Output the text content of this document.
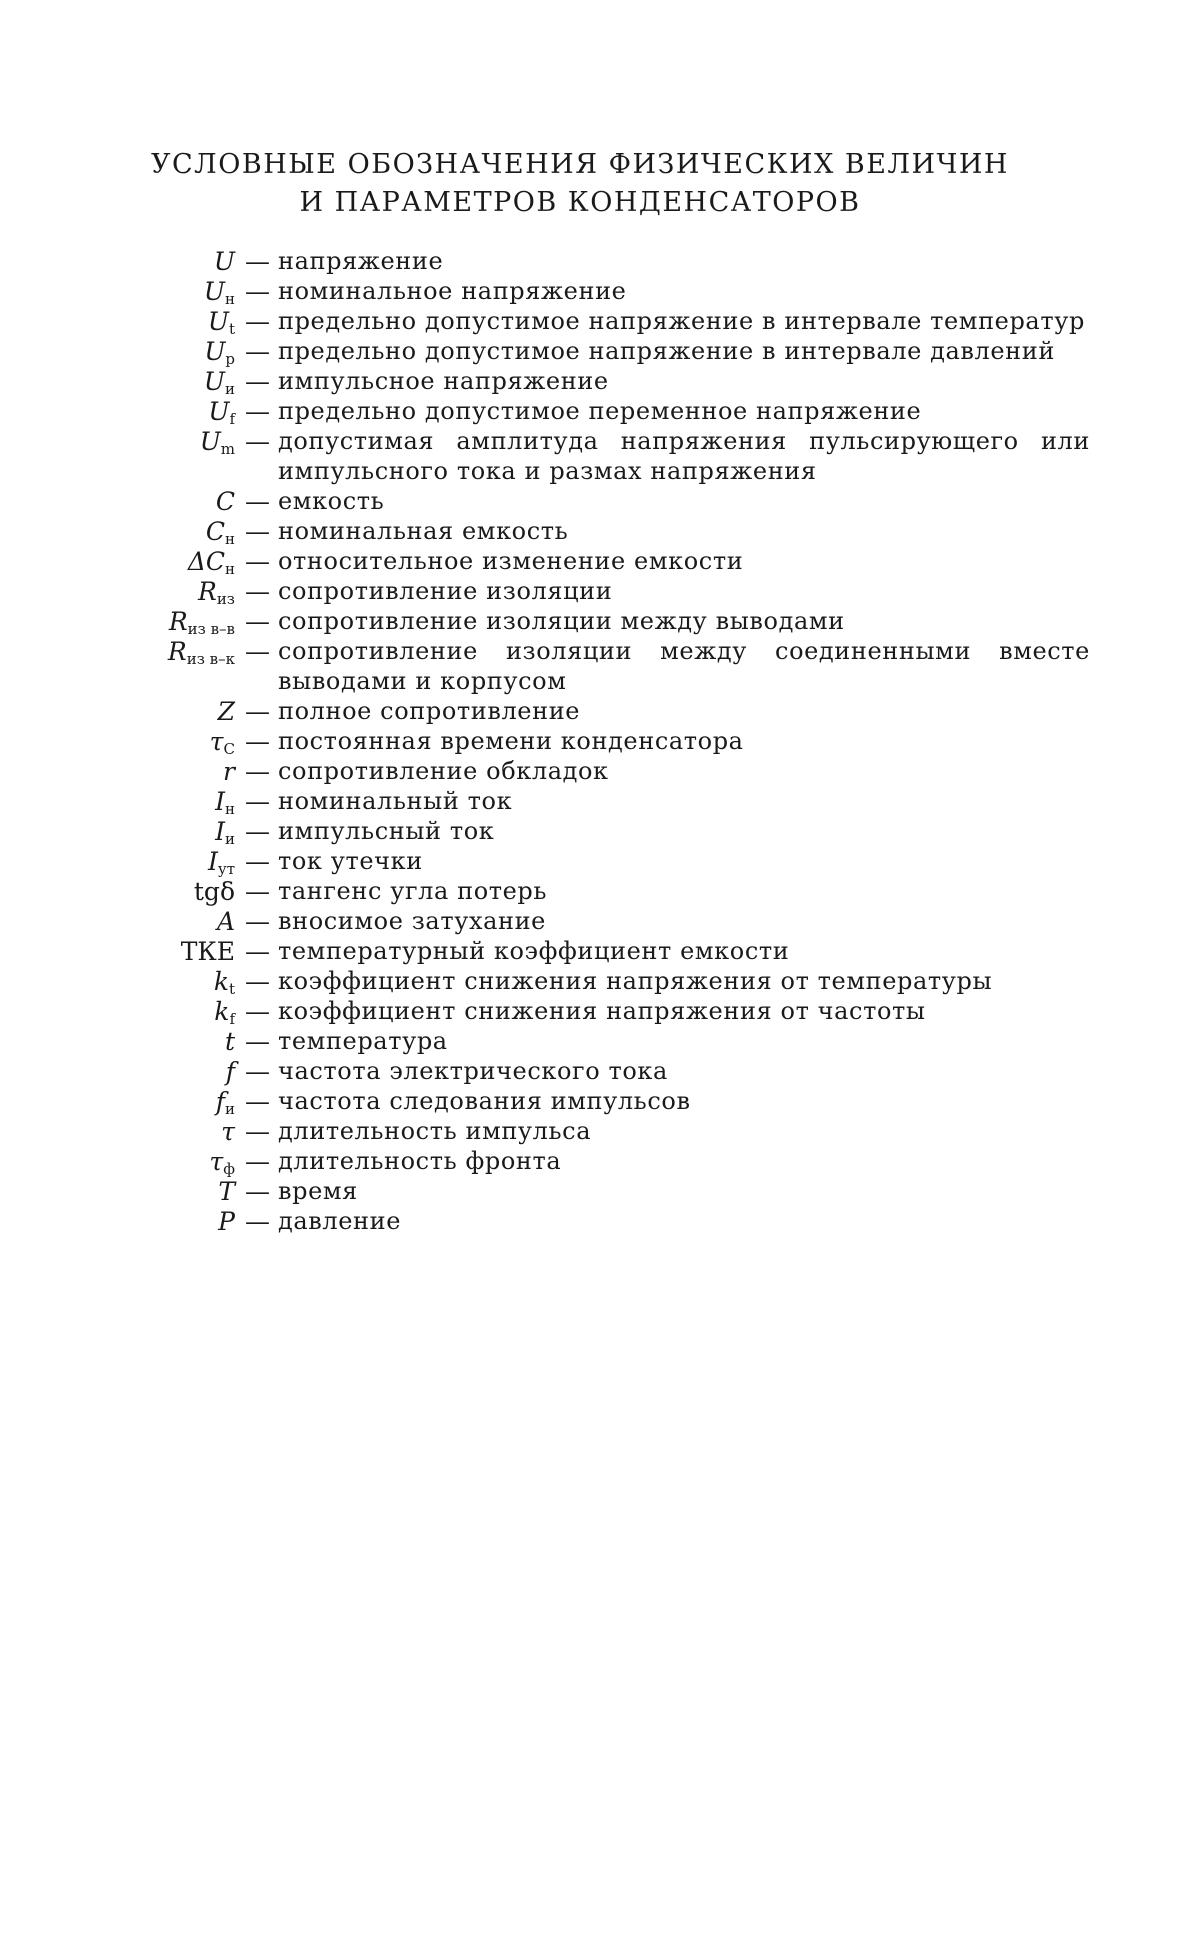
УСЛОВНЫЕ ОБОЗНАЧЕНИЯ ФИЗИЧЕСКИХ ВЕЛИЧИН
И ПАРАМЕТРОВ КОНДЕНСАТОРОВ
U — напряжение
$U_н$ — номинальное напряжение
$U_t$ — предельно допустимое напряжение в интервале температур
$U_p$ — предельно допустимое напряжение в интервале давлений
$U_и$ — импульсное напряжение
$U_f$ — предельно допустимое переменное напряжение
$U_m$ — допустимая амплитуда напряжения пульсирующего или импульсного тока и размах напряжения
C — емкость
$C_н$ — номинальная емкость
$\Delta C_н$ — относительное изменение емкости
$R_{из}$ — сопротивление изоляции
$R_{из в-в}$ — сопротивление изоляции между выводами
$R_{из в-к}$ — сопротивление изоляции между соединенными вместе выводами и корпусом
Z — полное сопротивление
$\tau_C$ — постоянная времени конденсатора
r — сопротивление обкладок
$I_н$ — номинальный ток
$I_и$ — импульсный ток
$I_{ут}$ — ток утечки
tgδ — тангенс угла потерь
A — вносимое затухание
ТКЕ — температурный коэффициент емкости
$k_t$ — коэффициент снижения напряжения от температуры
$k_f$ — коэффициент снижения напряжения от частоты
t — температура
f — частота электрического тока
$f_и$ — частота следования импульсов
τ — длительность импульса
$\tau_ф$ — длительность фронта
T — время
P — давление
